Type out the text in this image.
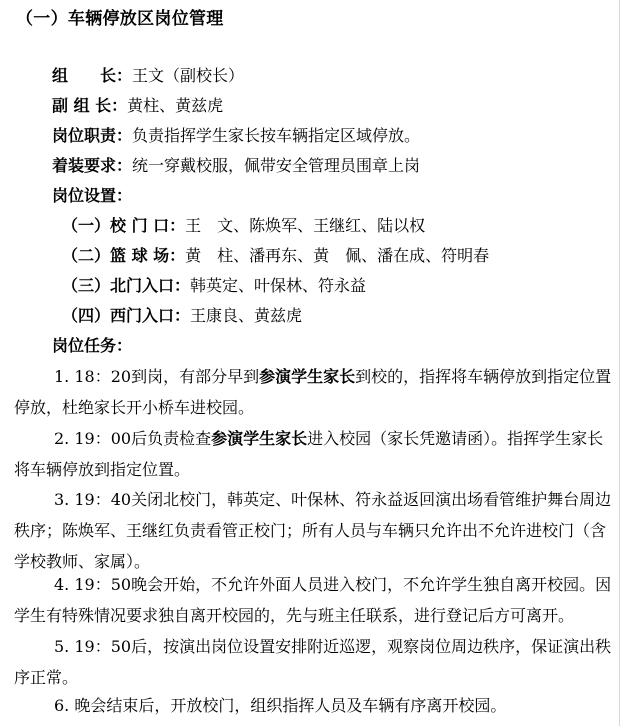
（一）车辆停放区岗位管理
组　　长：王文（副校长）
副 组 长：黄柱、黄兹虎
岗位职责：负责指挥学生家长按车辆指定区域停放。
着装要求：统一穿戴校服，佩带安全管理员围章上岗
岗位设置：
（一）校 门 口：王　文、陈焕军、王继红、陆以权
（二）篮 球 场：黄　柱、潘再东、黄　佩、潘在成、符明春
（三）北门入口：韩英定、叶保林、符永益
（四）西门入口：王康良、黄兹虎
岗位任务：
1. 18：20到岗，有部分早到参演学生家长到校的，指挥将车辆停放到指定位置停放，杜绝家长开小桥车进校园。
2. 19：00后负责检查参演学生家长进入校园（家长凭邀请函）。指挥学生家长将车辆停放到指定位置。
3. 19：40关闭北校门，韩英定、叶保林、符永益返回演出场看管维护舞台周边秩序；陈焕军、王继红负责看管正校门；所有人员与车辆只允许出不允许进校门（含学校教师、家属）。
4. 19：50晚会开始，不允许外面人员进入校门，不允许学生独自离开校园。因学生有特殊情况要求独自离开校园的，先与班主任联系，进行登记后方可离开。
5. 19：50后，按演出岗位设置安排附近巡逻，观察岗位周边秩序，保证演出秩序正常。
6. 晚会结束后，开放校门，组织指挥人员及车辆有序离开校园。
